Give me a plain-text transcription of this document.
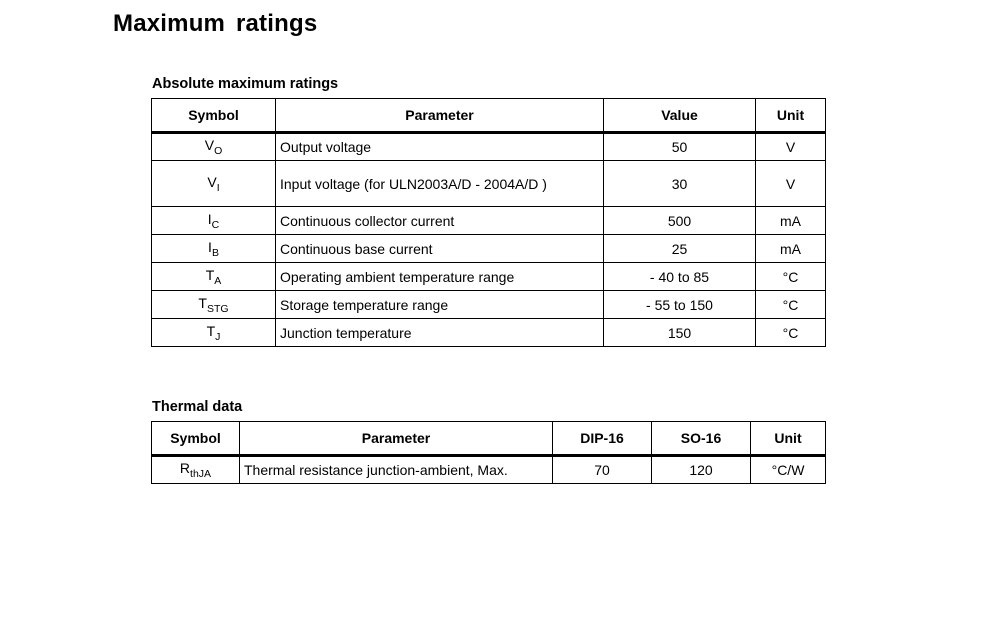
Maximum ratings
Absolute maximum ratings
Symbol	Parameter	Value	Unit
$V_O$	Output voltage	50	V
$V_I$	Input voltage (for ULN2003A/D - 2004A/D )	30	V
$I_C$	Continuous collector current	500	mA
$I_B$	Continuous base current	25	mA
$T_A$	Operating ambient temperature range	- 40 to 85	°C
$T_{STG}$	Storage temperature range	- 55 to 150	°C
$T_J$	Junction temperature	150	°C
Thermal data
Symbol	Parameter	DIP-16	SO-16	Unit
$R_{thJA}$	Thermal resistance junction-ambient, Max.	70	120	°C/W
